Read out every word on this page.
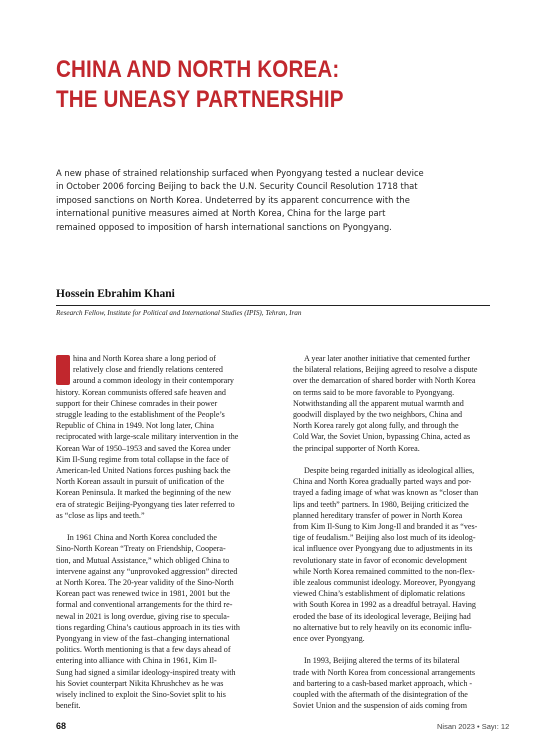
CHINA AND NORTH KOREA:
THE UNEASY PARTNERSHIP
A new phase of strained relationship surfaced when Pyongyang tested a nuclear device
in October 2006 forcing Beijing to back the U.N. Security Council Resolution 1718 that
imposed sanctions on North Korea. Undeterred by its apparent concurrence with the
international punitive measures aimed at North Korea, China for the large part
remained opposed to imposition of harsh international sanctions on Pyongyang.
Hossein Ebrahim Khani
Research Fellow, Institute for Political and International Studies (IPIS), Tehran, Iran
hina and North Korea share a long period of
relatively close and friendly relations centered
around a common ideology in their contemporary
history. Korean communists offered safe heaven and
support for their Chinese comrades in their power
struggle leading to the establishment of the People’s
Republic of China in 1949. Not long later, China
reciprocated with large-scale military intervention in the
Korean War of 1950–1953 and saved the Korea under
Kim Il-Sung regime from total collapse in the face of
American-led United Nations forces pushing back the
North Korean assault in pursuit of unification of the
Korean Peninsula. It marked the beginning of the new
era of strategic Beijing-Pyongyang ties later referred to
as “close as lips and teeth.”
In 1961 China and North Korea concluded the
Sino-North Korean “Treaty on Friendship, Coopera-
tion, and Mutual Assistance,” which obliged China to
intervene against any “unprovoked aggression” directed
at North Korea. The 20-year validity of the Sino-North
Korean pact was renewed twice in 1981, 2001 but the
formal and conventional arrangements for the third re-
newal in 2021 is long overdue, giving rise to specula-
tions regarding China’s cautious approach in its ties with
Pyongyang in view of the fast–changing international
politics. Worth mentioning is that a few days ahead of
entering into alliance with China in 1961, Kim Il-
Sung had signed a similar ideology-inspired treaty with
his Soviet counterpart Nikita Khrushchev as he was
wisely inclined to exploit the Sino-Soviet split to his
benefit.
A year later another initiative that cemented further
the bilateral relations, Beijing agreed to resolve a dispute
over the demarcation of shared border with North Korea
on terms said to be more favorable to Pyongyang.
Notwithstanding all the apparent mutual warmth and
goodwill displayed by the two neighbors, China and
North Korea rarely got along fully, and through the
Cold War, the Soviet Union, bypassing China, acted as
the principal supporter of North Korea.
Despite being regarded initially as ideological allies,
China and North Korea gradually parted ways and por-
trayed a fading image of what was known as “closer than
lips and teeth” partners. In 1980, Beijing criticized the
planned hereditary transfer of power in North Korea
from Kim Il-Sung to Kim Jong-Il and branded it as “ves-
tige of feudalism.” Beijing also lost much of its ideolog-
ical influence over Pyongyang due to adjustments in its
revolutionary state in favor of economic development
while North Korea remained committed to the non-flex-
ible zealous communist ideology. Moreover, Pyongyang
viewed China’s establishment of diplomatic relations
with South Korea in 1992 as a dreadful betrayal. Having
eroded the base of its ideological leverage, Beijing had
no alternative but to rely heavily on its economic influ-
ence over Pyongyang.
In 1993, Beijing altered the terms of its bilateral
trade with North Korea from concessional arrangements
and bartering to a cash-based market approach, which -
coupled with the aftermath of the disintegration of the
Soviet Union and the suspension of aids coming from
68	Nisan 2023 • Sayı: 12
